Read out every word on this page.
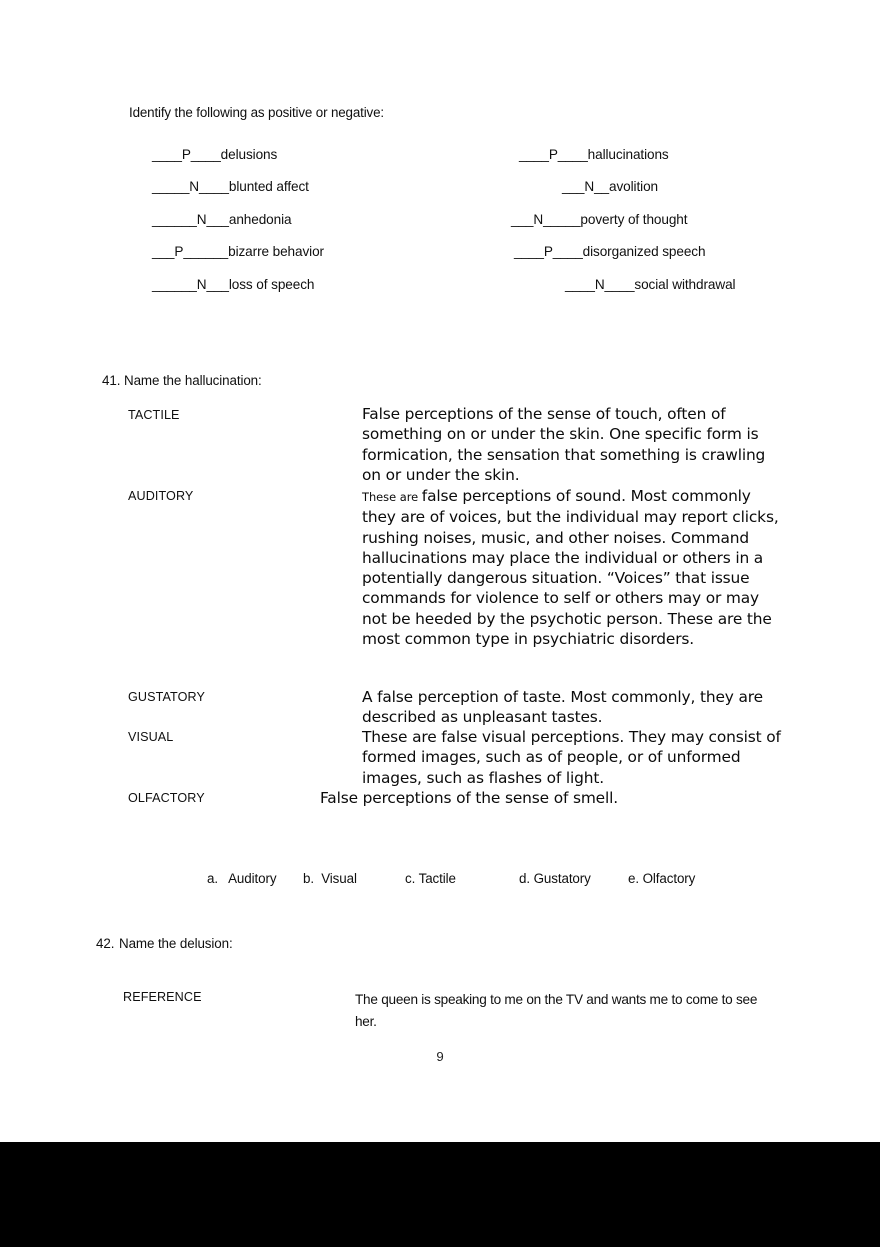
Identify the following as positive or negative:
____P____delusions
_____N____blunted affect
______N___anhedonia
___P______bizarre behavior
______N___loss of speech
____P____hallucinations
___N__avolition
___N_____poverty of thought
____P____disorganized speech
____N____social withdrawal
41. Name the hallucination:
TACTILE	False perceptions of the sense of touch, often of something on or under the skin. One specific form is formication, the sensation that something is crawling on or under the skin.
AUDITORY	These are false perceptions of sound. Most commonly they are of voices, but the individual may report clicks, rushing noises, music, and other noises. Command hallucinations may place the individual or others in a potentially dangerous situation. “Voices” that issue commands for violence to self or others may or may not be heeded by the psychotic person. These are the most common type in psychiatric disorders.
GUSTATORY	A false perception of taste. Most commonly, they are described as unpleasant tastes.
VISUAL	These are false visual perceptions. They may consist of formed images, such as of people, or of unformed images, such as flashes of light.
OLFACTORY	False perceptions of the sense of smell.
a.   Auditory b.  Visual	c. Tactile	d. Gustatory	e. Olfactory
42. Name the delusion:
REFERENCE	The queen is speaking to me on the TV and wants me to come to see her.
9
